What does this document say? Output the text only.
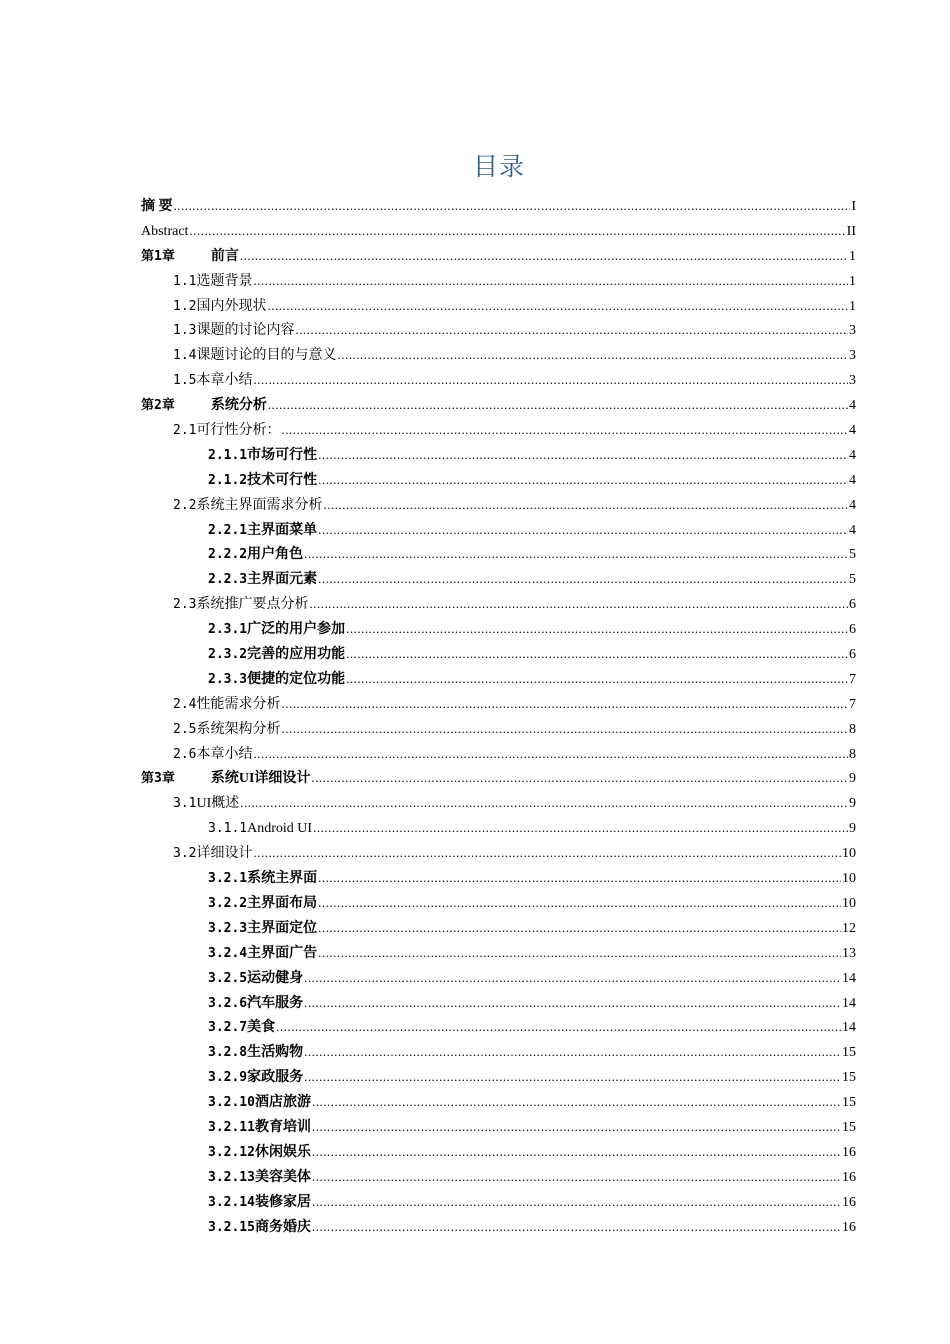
目录
摘 要 .....	I
Abstract .....	II
第1章	前言 .....	1
1.1选题背景 .....	1
1.2国内外现状 .....	1
1.3课题的讨论内容 .....	3
1.4课题讨论的目的与意义 .....	3
1.5本章小结 .....	3
第2章	系统分析 .....	4
2.1可行性分析： .....	4
2.1.1市场可行性 .....	4
2.1.2技术可行性 .....	4
2.2系统主界面需求分析 .....	4
2.2.1主界面菜单 .....	4
2.2.2用户角色 .....	5
2.2.3主界面元素 .....	5
2.3系统推广要点分析 .....	6
2.3.1广泛的用户参加 .....	6
2.3.2完善的应用功能 .....	6
2.3.3便捷的定位功能 .....	7
2.4性能需求分析 .....	7
2.5系统架构分析 .....	8
2.6本章小结 .....	8
第3章	系统UI详细设计 .....	9
3.1UI概述 .....	9
3.1.1Android UI .....	9
3.2详细设计 .....	10
3.2.1系统主界面 .....	10
3.2.2主界面布局 .....	10
3.2.3主界面定位 .....	12
3.2.4主界面广告 .....	13
3.2.5运动健身 .....	14
3.2.6汽车服务 .....	14
3.2.7美食 .....	14
3.2.8生活购物 .....	15
3.2.9家政服务 .....	15
3.2.10酒店旅游 .....	15
3.2.11教育培训 .....	15
3.2.12休闲娱乐 .....	16
3.2.13美容美体 .....	16
3.2.14装修家居 .....	16
3.2.15商务婚庆 .....	16
